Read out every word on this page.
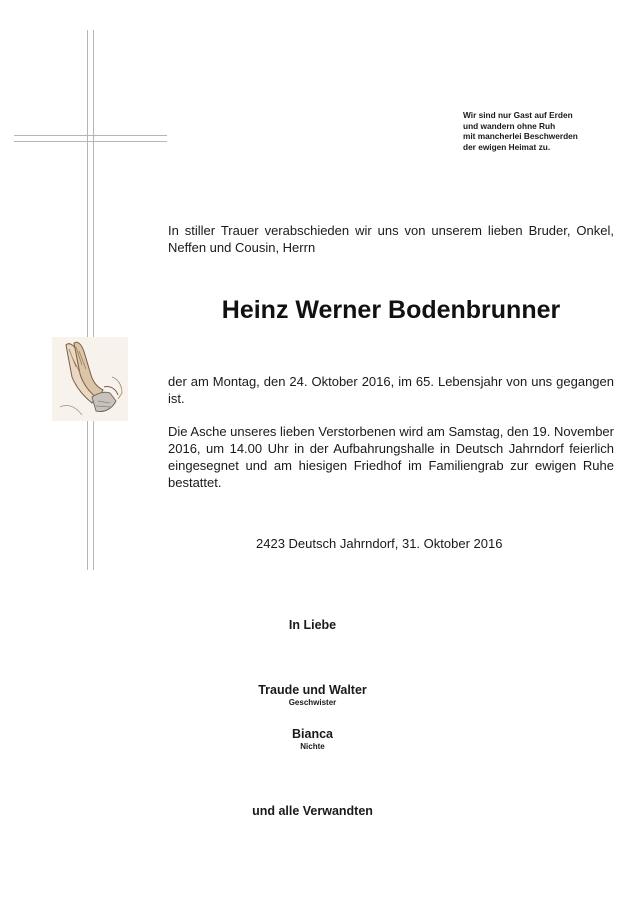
Wir sind nur Gast auf Erden
und wandern ohne Ruh
mit mancherlei Beschwerden
der ewigen Heimat zu.
In stiller Trauer verabschieden wir uns von unserem lieben Bruder, Onkel, Neffen und Cousin, Herrn
Heinz Werner Bodenbrunner
der am Montag, den 24. Oktober 2016, im 65. Lebensjahr von uns gegangen ist.
Die Asche unseres lieben Verstorbenen wird am Samstag, den 19. November 2016, um 14.00 Uhr in der Aufbahrungshalle in Deutsch Jahrndorf feierlich eingesegnet und am hiesigen Friedhof im Familiengrab zur ewigen Ruhe bestattet.
2423 Deutsch Jahrndorf, 31. Oktober 2016
In Liebe
Traude und Walter
Geschwister
Bianca
Nichte
und alle Verwandten
